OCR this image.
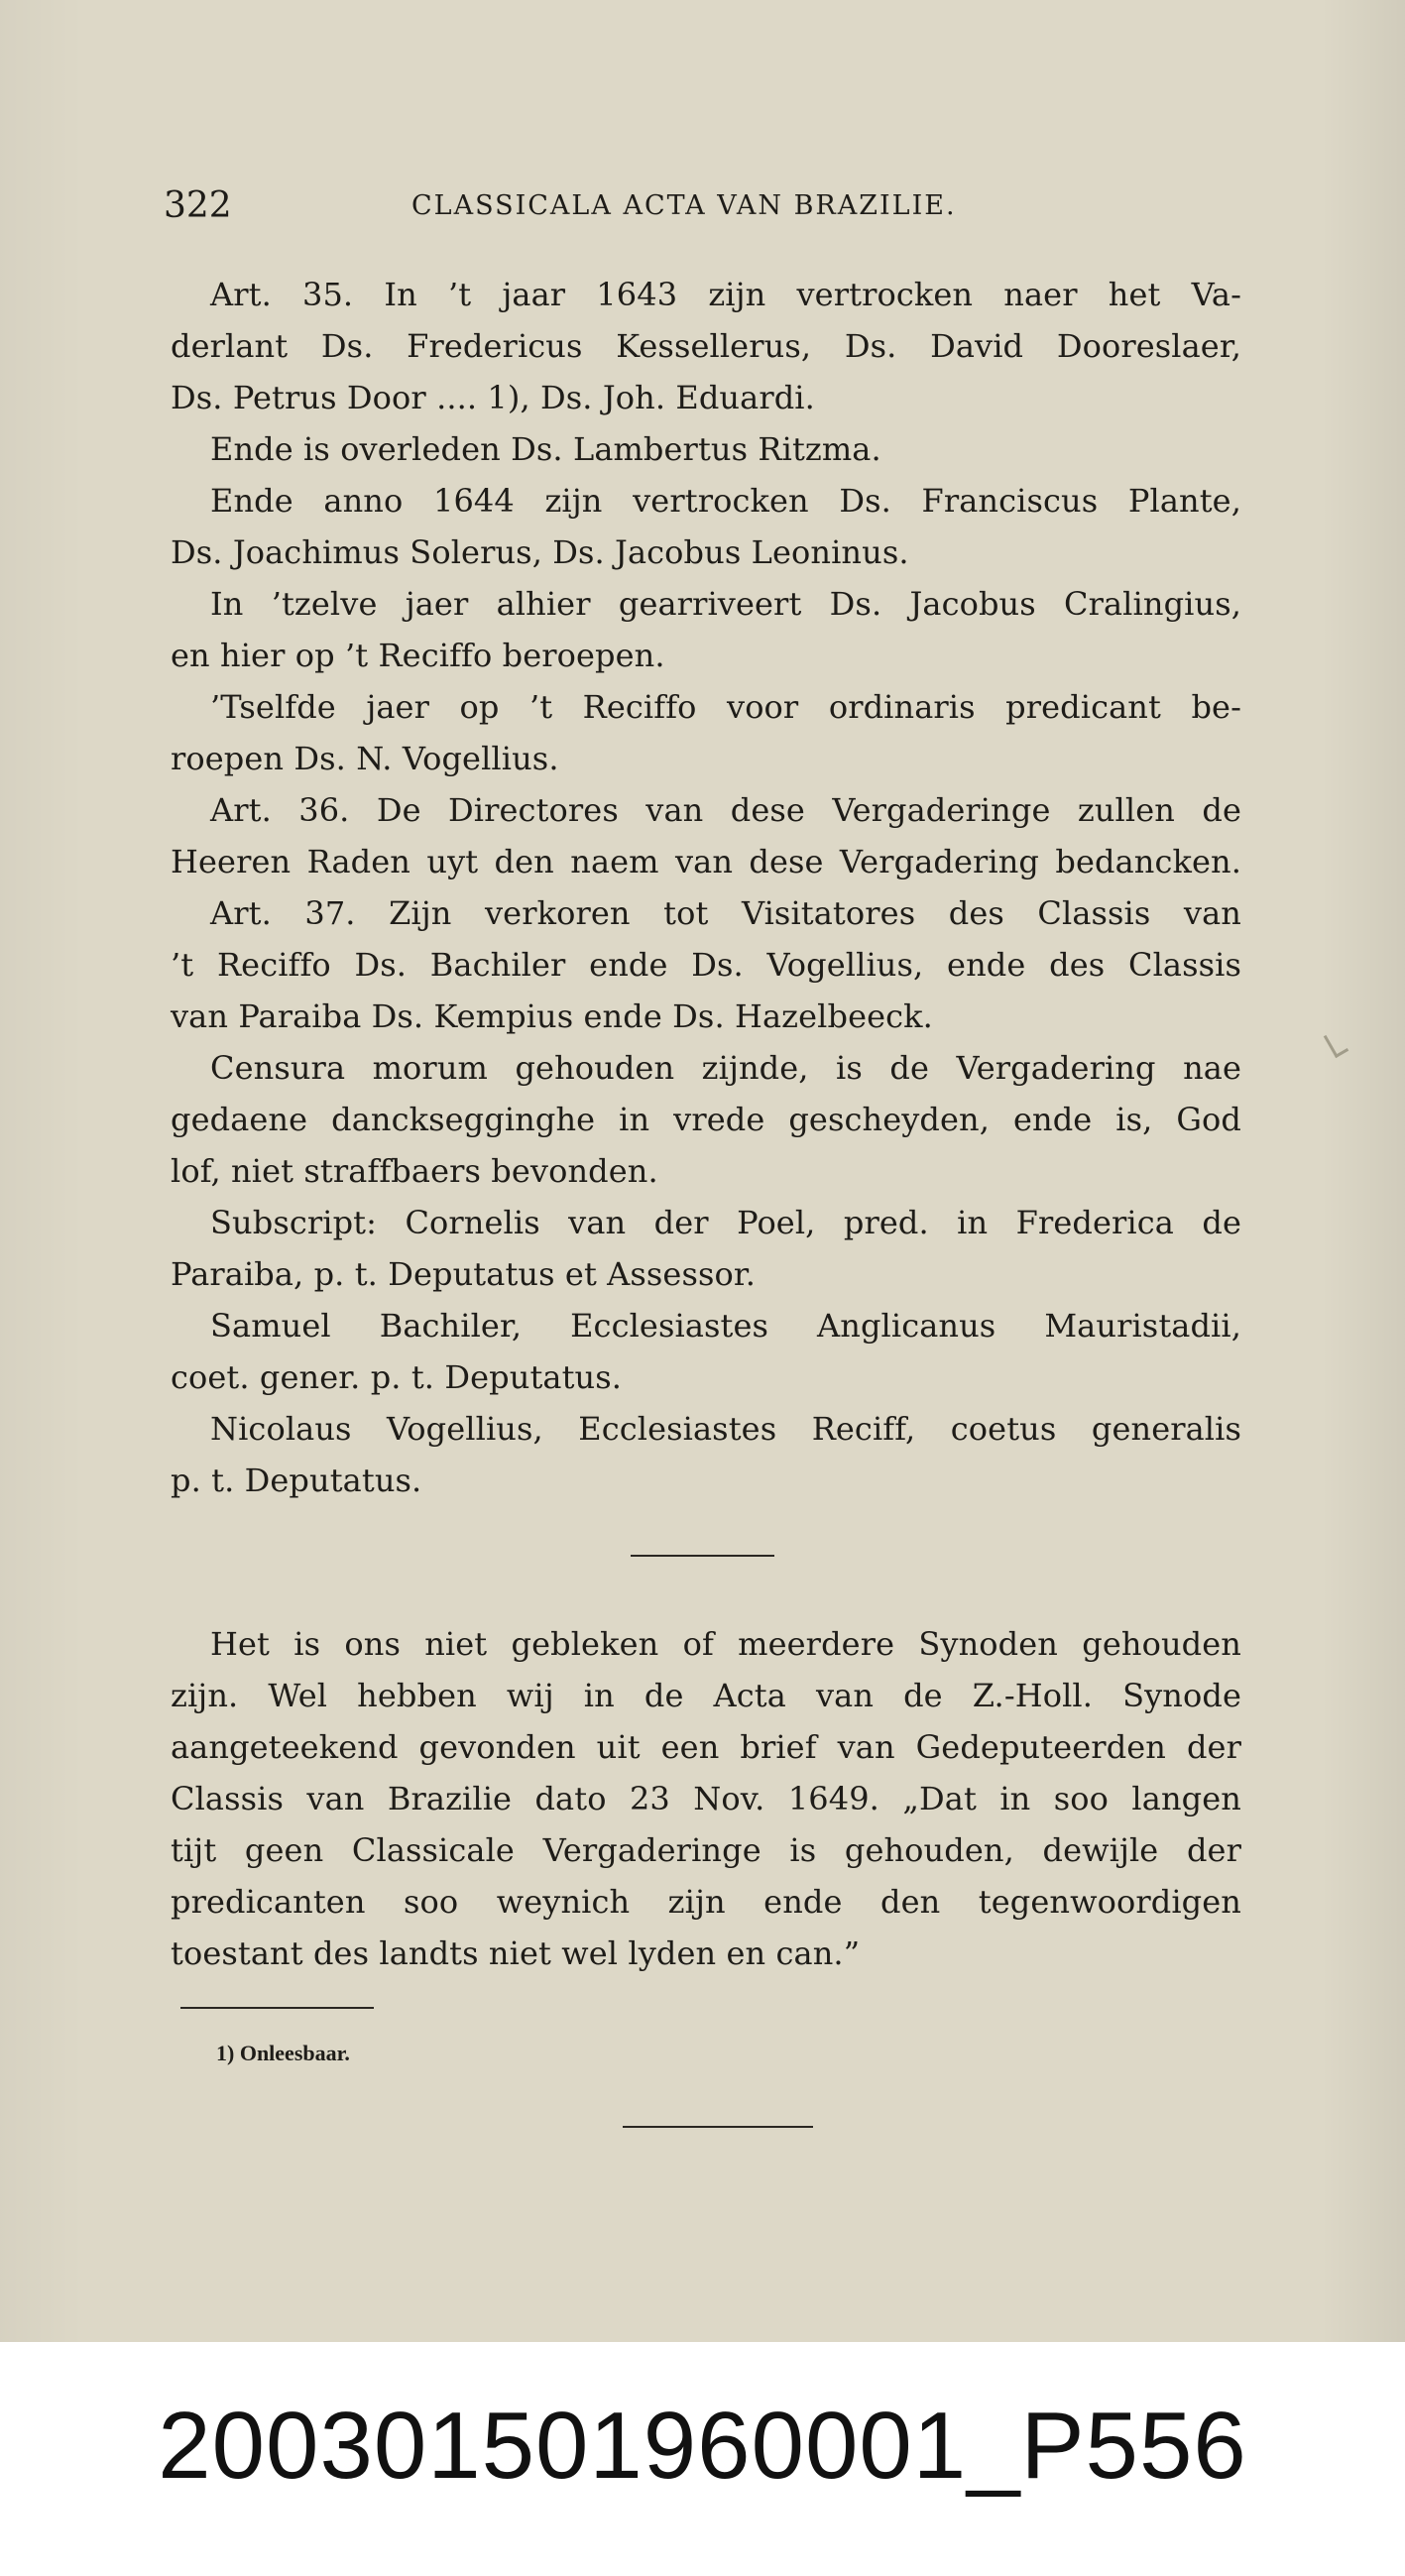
322	CLASSICALA ACTA VAN BRAZILIE.
Art. 35. In ’t jaar 1643 zijn vertrocken naer het Va-
derlant Ds. Fredericus Kessellerus, Ds. David Dooreslaer,
Ds. Petrus Door .... 1), Ds. Joh. Eduardi.
Ende is overleden Ds. Lambertus Ritzma.
Ende anno 1644 zijn vertrocken Ds. Franciscus Plante,
Ds. Joachimus Solerus, Ds. Jacobus Leoninus.
In ’tzelve jaer alhier gearriveert Ds. Jacobus Cralingius,
en hier op ’t Reciffo beroepen.
’Tselfde jaer op ’t Reciffo voor ordinaris predicant be-
roepen Ds. N. Vogellius.
Art. 36. De Directores van dese Vergaderinge zullen de
Heeren Raden uyt den naem van dese Vergadering bedancken.
Art. 37. Zijn verkoren tot Visitatores des Classis van
’t Reciffo Ds. Bachiler ende Ds. Vogellius, ende des Classis
van Paraiba Ds. Kempius ende Ds. Hazelbeeck.
Censura morum gehouden zijnde, is de Vergadering nae
gedaene dancksegginghe in vrede gescheyden, ende is, God
lof, niet straffbaers bevonden.
Subscript: Cornelis van der Poel, pred. in Frederica de
Paraiba, p. t. Deputatus et Assessor.
Samuel Bachiler, Ecclesiastes Anglicanus Mauristadii,
coet. gener. p. t. Deputatus.
Nicolaus Vogellius, Ecclesiastes Reciff, coetus generalis
p. t. Deputatus.
Het is ons niet gebleken of meerdere Synoden gehouden
zijn. Wel hebben wij in de Acta van de Z.-Holl. Synode
aangeteekend gevonden uit een brief van Gedeputeerden der
Classis van Brazilie dato 23 Nov. 1649. „Dat in soo langen
tijt geen Classicale Vergaderinge is gehouden, dewijle der
predicanten soo weynich zijn ende den tegenwoordigen
toestant des landts niet wel lyden en can.”
1) Onleesbaar.
20030150196000​1_P556
